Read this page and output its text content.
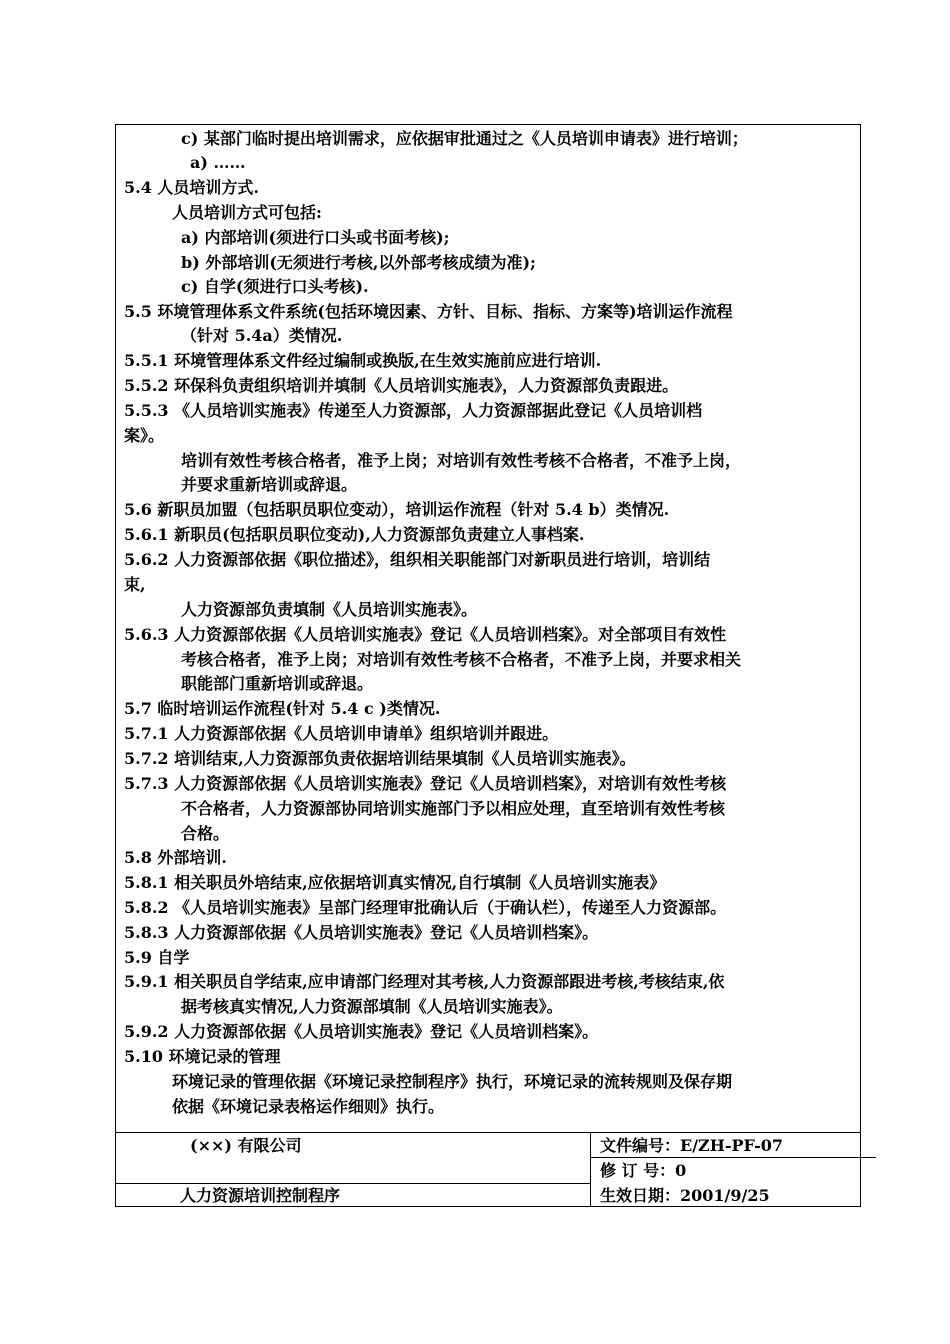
c) 某部门临时提出培训需求，应依据审批通过之《人员培训申请表》进行培训；
a) ……
5.4 人员培训方式.
人员培训方式可包括:
a) 内部培训(须进行口头或书面考核);
b) 外部培训(无须进行考核,以外部考核成绩为准);
c) 自学(须进行口头考核).
5.5 环境管理体系文件系统(包括环境因素、方针、目标、指标、方案等)培训运作流程
（针对 5.4a）类情况.
5.5.1 环境管理体系文件经过编制或换版,在生效实施前应进行培训.
5.5.2 环保科负责组织培训并填制《人员培训实施表》，人力资源部负责跟进。
5.5.3 《人员培训实施表》传递至人力资源部，人力资源部据此登记《人员培训档
案》。
培训有效性考核合格者，准予上岗；对培训有效性考核不合格者，不准予上岗，
并要求重新培训或辞退。
5.6 新职员加盟（包括职员职位变动），培训运作流程（针对 5.4 b）类情况.
5.6.1 新职员(包括职员职位变动),人力资源部负责建立人事档案.
5.6.2 人力资源部依据《职位描述》，组织相关职能部门对新职员进行培训，培训结
束,
人力资源部负责填制《人员培训实施表》。
5.6.3 人力资源部依据《人员培训实施表》登记《人员培训档案》。对全部项目有效性
考核合格者，准予上岗；对培训有效性考核不合格者，不准予上岗，并要求相关
职能部门重新培训或辞退。
5.7 临时培训运作流程(针对 5.4 c )类情况.
5.7.1 人力资源部依据《人员培训申请单》组织培训并跟进。
5.7.2 培训结束,人力资源部负责依据培训结果填制《人员培训实施表》。
5.7.3 人力资源部依据《人员培训实施表》登记《人员培训档案》，对培训有效性考核
不合格者，人力资源部协同培训实施部门予以相应处理，直至培训有效性考核
合格。
5.8 外部培训.
5.8.1 相关职员外培结束,应依据培训真实情况,自行填制《人员培训实施表》
5.8.2 《人员培训实施表》呈部门经理审批确认后（于确认栏），传递至人力资源部。
5.8.3 人力资源部依据《人员培训实施表》登记《人员培训档案》。
5.9 自学
5.9.1 相关职员自学结束,应申请部门经理对其考核,人力资源部跟进考核,考核结束,依
据考核真实情况,人力资源部填制《人员培训实施表》。
5.9.2 人力资源部依据《人员培训实施表》登记《人员培训档案》。
5.10 环境记录的管理
环境记录的管理依据《环境记录控制程序》执行，环境记录的流转规则及保存期
依据《环境记录表格运作细则》执行。
(××) 有限公司	文件编号：E/ZH-PF-07
修 订 号：0
人力资源培训控制程序	生效日期：2001/9/25
